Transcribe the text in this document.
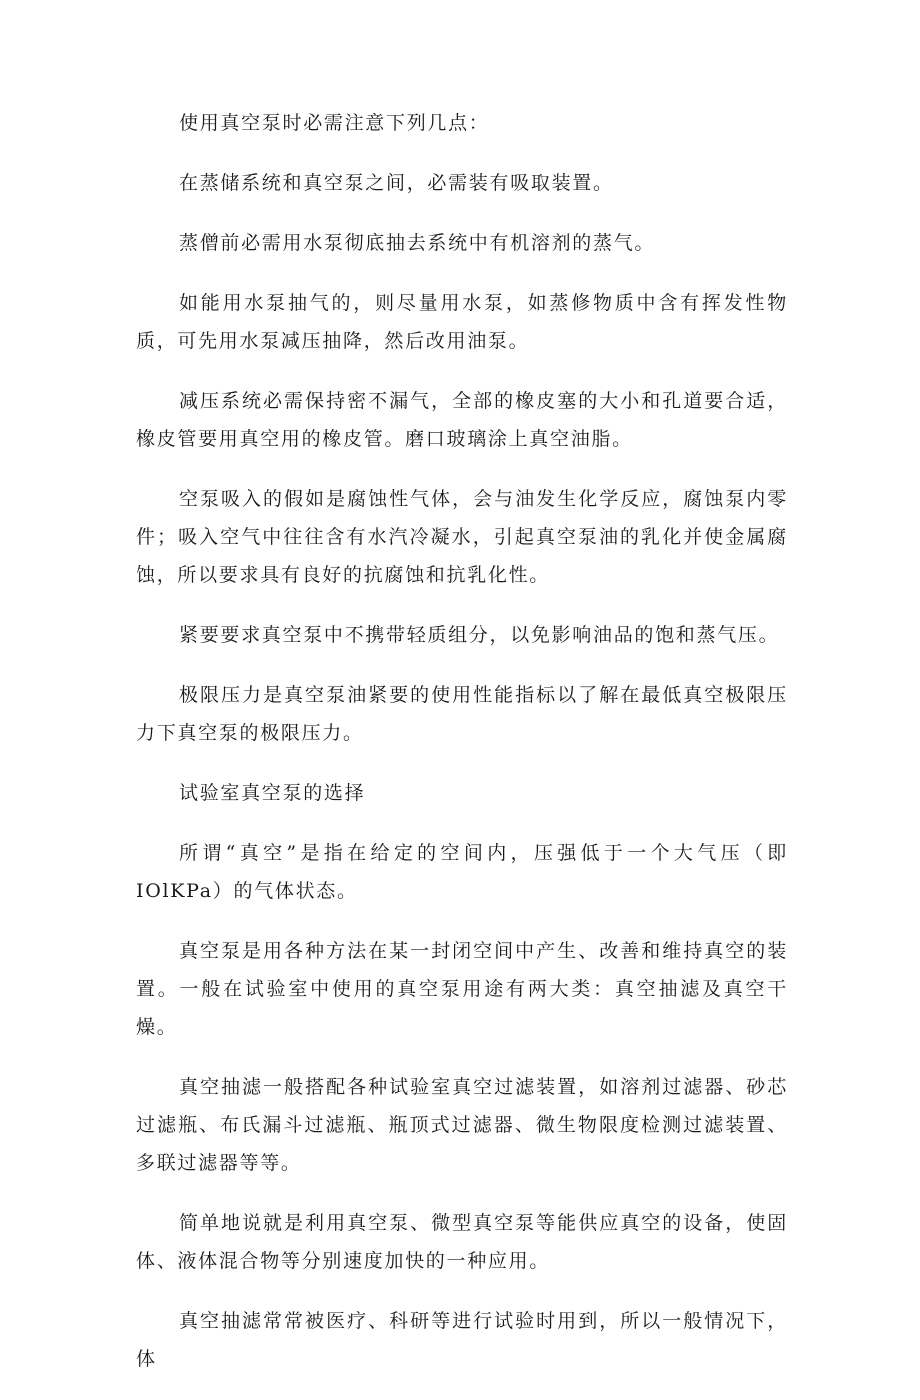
使用真空泵时必需注意下列几点：

在蒸储系统和真空泵之间，必需装有吸取装置。

蒸僧前必需用水泵彻底抽去系统中有机溶剂的蒸气。

如能用水泵抽气的，则尽量用水泵，如蒸修物质中含有挥发性物质，可先用水泵减压抽降，然后改用油泵。

减压系统必需保持密不漏气，全部的橡皮塞的大小和孔道要合适，橡皮管要用真空用的橡皮管。磨口玻璃涂上真空油脂。

空泵吸入的假如是腐蚀性气体，会与油发生化学反应，腐蚀泵内零件；吸入空气中往往含有水汽冷凝水，引起真空泵油的乳化并使金属腐蚀，所以要求具有良好的抗腐蚀和抗乳化性。

紧要要求真空泵中不携带轻质组分，以免影响油品的饱和蒸气压。

极限压力是真空泵油紧要的使用性能指标以了解在最低真空极限压力下真空泵的极限压力。

试验室真空泵的选择

所谓“真空”是指在给定的空间内，压强低于一个大气压（即IOlKPa）的气体状态。

真空泵是用各种方法在某一封闭空间中产生、改善和维持真空的装置。一般在试验室中使用的真空泵用途有两大类：真空抽滤及真空干燥。

真空抽滤一般搭配各种试验室真空过滤装置，如溶剂过滤器、砂芯过滤瓶、布氏漏斗过滤瓶、瓶顶式过滤器、微生物限度检测过滤装置、多联过滤器等等。

简单地说就是利用真空泵、微型真空泵等能供应真空的设备，使固体、液体混合物等分别速度加快的一种应用。

真空抽滤常常被医疗、科研等进行试验时用到，所以一般情况下，体
